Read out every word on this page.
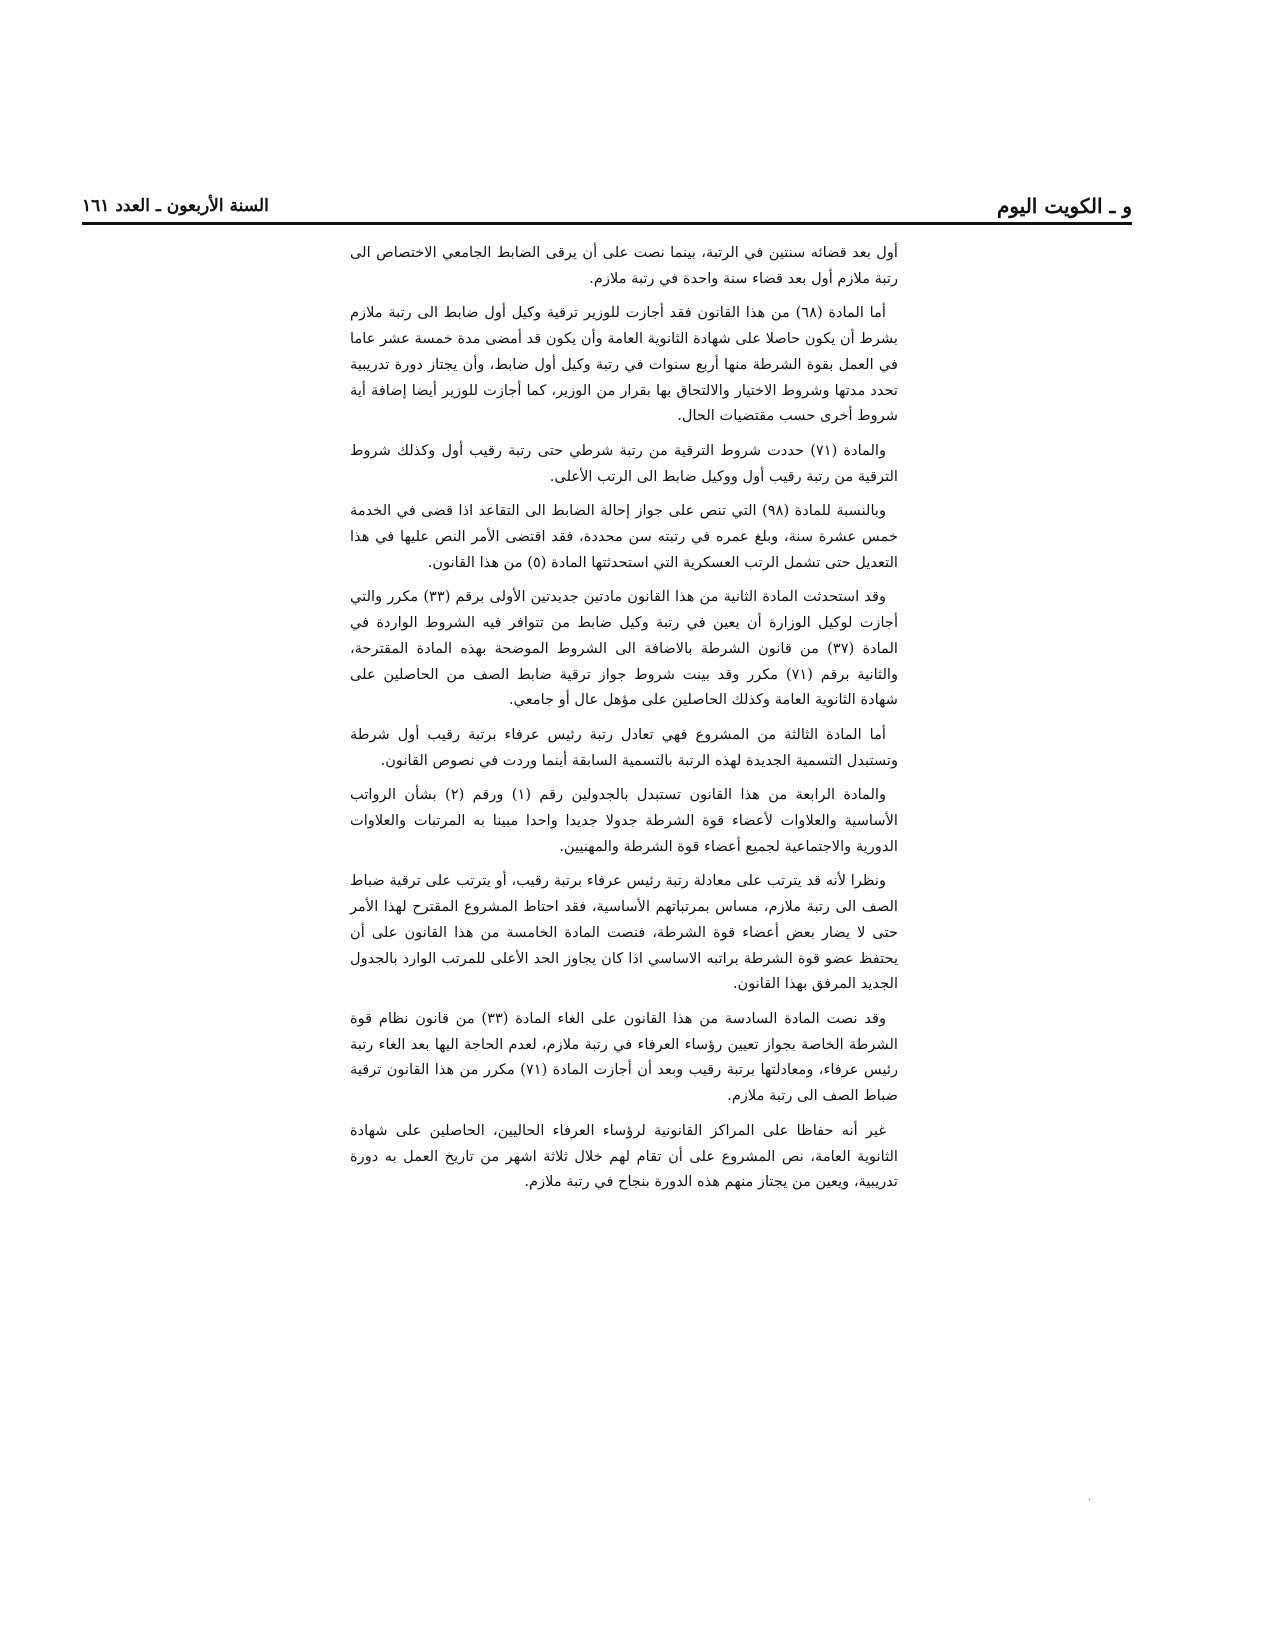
السنة الأربعون ـ العدد ١٦١	و ـ الكويت اليوم

أول بعد قضائه سنتين في الرتبة، بينما نصت على أن يرقى الضابط الجامعي الاختصاص الى رتبة ملازم أول بعد قضاء سنة واحدة في رتبة ملازم.

أما المادة (٦٨) من هذا القانون فقد أجازت للوزير ترقية وكيل أول ضابط الى رتبة ملازم بشرط أن يكون حاصلا على شهادة الثانوية العامة وأن يكون قد أمضى مدة خمسة عشر عاما في العمل بقوة الشرطة منها أربع سنوات في رتبة وكيل أول ضابط، وأن يجتاز دورة تدريبية تحدد مدتها وشروط الاختيار والالتحاق بها بقرار من الوزير، كما أجازت للوزير أيضا إضافة أية شروط أخرى حسب مقتضيات الحال.

والمادة (٧١) حددت شروط الترقية من رتبة شرطي حتى رتبة رقيب أول وكذلك شروط الترقية من رتبة رقيب أول ووكيل ضابط الى الرتب الأعلى.

وبالنسبة للمادة (٩٨) التي تنص على جواز إحالة الضابط الى التقاعد اذا قضى في الخدمة خمس عشرة سنة، وبلغ عمره في رتبته سن محددة، فقد اقتضى الأمر النص عليها في هذا التعديل حتى تشمل الرتب العسكرية التي استحدثتها المادة (٥) من هذا القانون.

وقد استحدثت المادة الثانية من هذا القانون مادتين جديدتين الأولى برقم (٣٣) مكرر والتي أجازت لوكيل الوزارة أن يعين في رتبة وكيل ضابط من تتوافر فيه الشروط الواردة في المادة (٣٧) من قانون الشرطة بالاضافة الى الشروط الموضحة بهذه المادة المقترحة، والثانية برقم (٧١) مكرر وقد بينت شروط جواز ترقية ضابط الصف من الحاصلين على شهادة الثانوية العامة وكذلك الحاصلين على مؤهل عال أو جامعي.

أما المادة الثالثة من المشروع فهي تعادل رتبة رئيس عرفاء برتبة رقيب أول شرطة وتستبدل التسمية الجديدة لهذه الرتبة بالتسمية السابقة أينما وردت في نصوص القانون.

والمادة الرابعة من هذا القانون تستبدل بالجدولين رقم (١) ورقم (٢) بشأن الرواتب الأساسية والعلاوات لأعضاء قوة الشرطة جدولا جديدا واحدا مبينا به المرتبات والعلاوات الدورية والاجتماعية لجميع أعضاء قوة الشرطة والمهنيين.

ونظرا لأنه قد يترتب على معادلة رتبة رئيس عرفاء برتبة رقيب، أو يترتب على ترقية ضباط الصف الى رتبة ملازم، مساس بمرتباتهم الأساسية، فقد احتاط المشروع المقترح لهذا الأمر حتى لا يضار بعض أعضاء قوة الشرطة، فنصت المادة الخامسة من هذا القانون على أن يحتفظ عضو قوة الشرطة براتبه الاساسي اذا كان يجاوز الحد الأعلى للمرتب الوارد بالجدول الجديد المرفق بهذا القانون.

وقد نصت المادة السادسة من هذا القانون على الغاء المادة (٣٣) من قانون نظام قوة الشرطة الخاصة بجواز تعيين رؤساء العرفاء في رتبة ملازم، لعدم الحاجة اليها بعد الغاء رتبة رئيس عرفاء، ومعادلتها برتبة رقيب وبعد أن أجازت المادة (٧١) مكرر من هذا القانون ترقية ضباط الصف الى رتبة ملازم.

غير أنه حفاظا على المراكز القانونية لرؤساء العرفاء الحاليين، الحاصلين على شهادة الثانوية العامة، نص المشروع على أن تقام لهم خلال ثلاثة اشهر من تاريخ العمل به دورة تدريبية، ويعين من يجتاز منهم هذه الدورة بنجاح في رتبة ملازم.

·
